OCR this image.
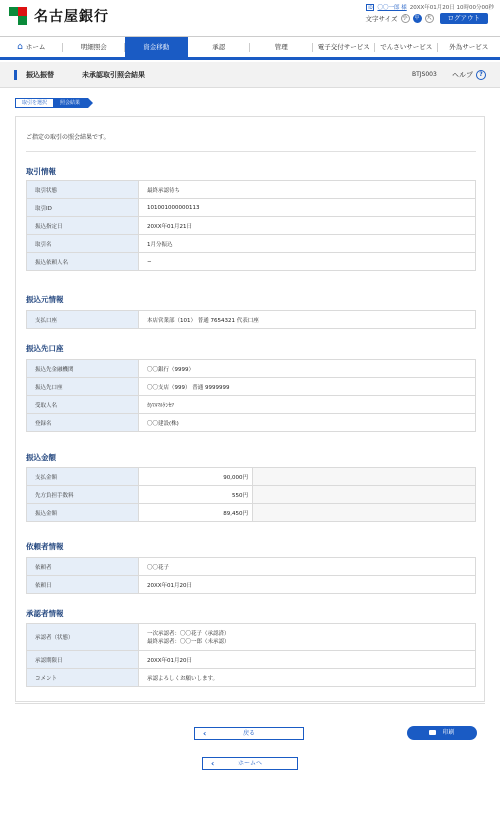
名古屋銀行
ID 〇〇一郎 様 20XX年01月20日 10時00分00秒
文字サイズ 小	中	大	ログアウト
⌂ ホーム	明細照会	資金移動	承認	管理	電子交付サービス	でんさいサービス	外為サービス
振込振替	未承認取引照会結果	BTJS003 ヘルプ	?
取引を選択	照会結果
ご指定の取引の照会結果です。
取引情報
取引状態	最終承認待ち
取引ID	101001000000113
振込指定日	20XX年01月21日
取引名	1月分振込
振込依頼人名	−
振込元情報
支払口座	本店営業部（101） 普通 7654321 代表口座
振込先口座
振込先金融機関	〇〇銀行（9999）
振込先口座	〇〇支店（999） 普通 9999999
受取人名	ｶ)ﾏﾙﾏﾙｹﾝｾﾂ
登録名	〇〇建設(株)
振込金額
支払金額	90,000円	
先方負担手数料	550円	
振込金額	89,450円	
依頼者情報
依頼者	〇〇花子
依頼日	20XX年01月20日
承認者情報
承認者（状態）	一次承認者：〇〇花子（承認済）
最終承認者：〇〇一郎（未承認）

承認期限日	20XX年01月20日
コメント	承認よろしくお願いします。
‹	戻る	印刷
‹	ホームへ
